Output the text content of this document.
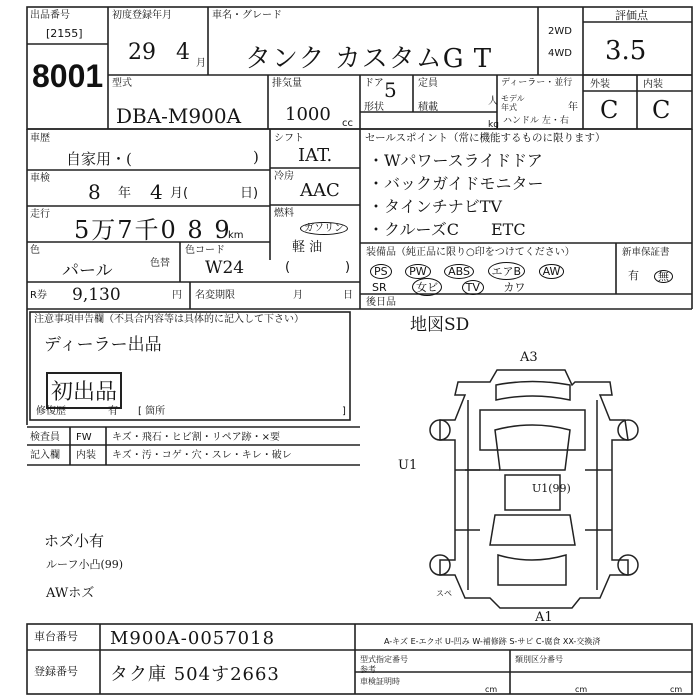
出品番号
[2155]
8001
初度登録年月
29 4 月
車名・グレード
タンク カスタムG T
2WD
4WD
評価点
3.5
外装	内装
C C
型式
DBA-M900A
排気量
1000 cc
ドア 5 定員
人
形状	積載
kg
ディーラー・並行
モデル年式	年
ハンドル 左・右
車歴
自家用・(	)
シフト
IAT.
車検
8 年 4 月(	日)
冷房
AAC
走行
5万7千0 8 9
km
燃料
ガソリン
軽 油
(	)
色
パール	色替
色コード
W24
R券 9,130	円 名変期限	月	日
セールスポイント（常に機能するものに限ります）
・Wパワースライドドア
・バックガイドモニター
・タインチナビTV
・クルーズC　　 ETC
装備品（純正品に限り○印をつけてください）	新車保証書
PS PW ABS エアB AW
SR	女ビ	TV カワ
有	無
後日品
地図SD
注意事項申告欄（不具合内容等は具体的に記入して下さい）
ディーラー出品
初出品
修復歴	有 [ 箇所	]
検査員
記入欄
FW キズ・飛石・ヒビ割・リペア跡・×要
内装 キズ・汚・コゲ・穴・スレ・キレ・破レ
ホズ小有
ルーフ小凸(99)
AWホズ
A3
U1
U1(99)
A1
スペ
A-キズ E-エクボ U-凹み W-補修跡 S-サビ C-腐食 XX-交換済
車台番号 M900A-0057018
登録番号 タク庫 504す2663
型式指定番号
参考
類別区分番号
車検証明時
cm	cm	cm
